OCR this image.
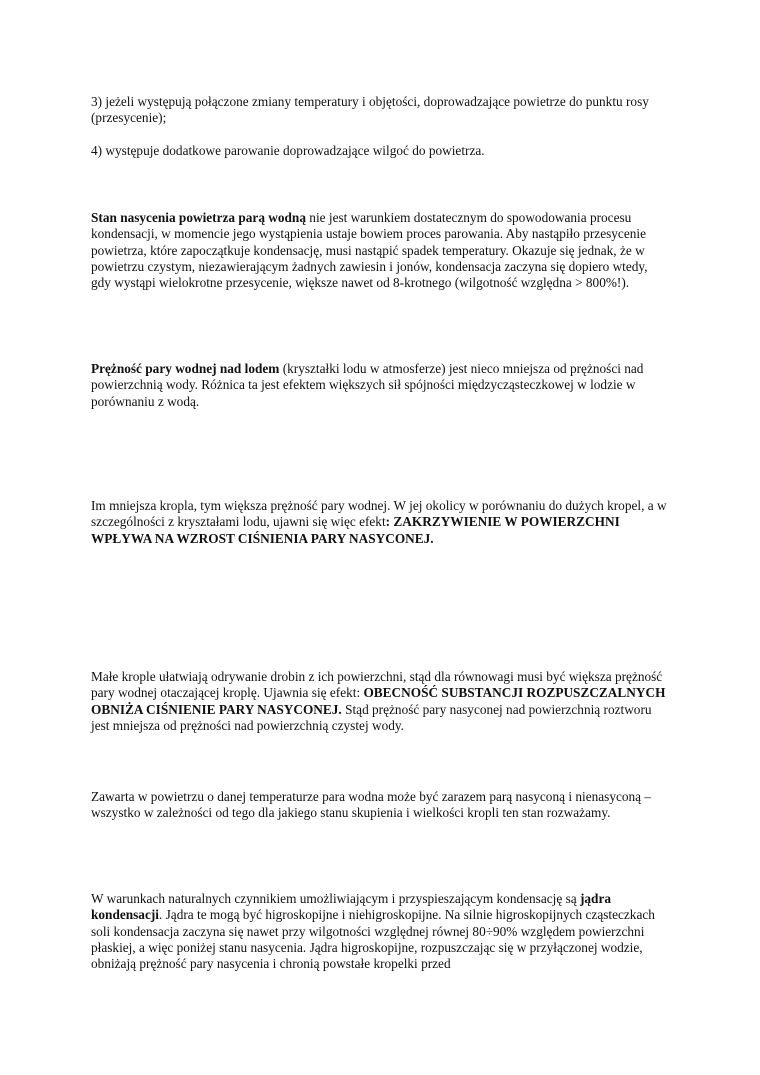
3) jeżeli występują połączone zmiany temperatury i objętości, doprowadzające powietrze do punktu rosy (przesycenie);

4) występuje dodatkowe parowanie doprowadzające wilgoć do powietrza.

Stan nasycenia powietrza parą wodną nie jest warunkiem dostatecznym do spowodowania procesu kondensacji, w momencie jego wystąpienia ustaje bowiem proces parowania. Aby nastąpiło przesycenie powietrza, które zapoczątkuje kondensację, musi nastąpić spadek temperatury. Okazuje się jednak, że w powietrzu czystym, niezawierającym żadnych zawiesin i jonów, kondensacja zaczyna się dopiero wtedy, gdy wystąpi wielokrotne przesycenie, większe nawet od 8-krotnego (wilgotność względna > 800%!).

Prężność pary wodnej nad lodem (kryształki lodu w atmosferze) jest nieco mniejsza od prężności nad powierzchnią wody. Różnica ta jest efektem większych sił spójności międzycząsteczkowej w lodzie w porównaniu z wodą.

Im mniejsza kropla, tym większa prężność pary wodnej. W jej okolicy w porównaniu do dużych kropel, a w szczególności z kryształami lodu, ujawni się więc efekt: ZAKRZYWIENIE W POWIERZCHNI WPŁYWA NA WZROST CIŚNIENIA PARY NASYCONEJ.

Małe krople ułatwiają odrywanie drobin z ich powierzchni, stąd dla równowagi musi być większa prężność pary wodnej otaczającej kroplę. Ujawnia się efekt: OBECNOŚĆ SUBSTANCJI ROZPUSZCZALNYCH OBNIŻA CIŚNIENIE PARY NASYCONEJ. Stąd prężność pary nasyconej nad powierzchnią roztworu jest mniejsza od prężności nad powierzchnią czystej wody.

Zawarta w powietrzu o danej temperaturze para wodna może być zarazem parą nasyconą i nienasyconą – wszystko w zależności od tego dla jakiego stanu skupienia i wielkości kropli ten stan rozważamy.

W warunkach naturalnych czynnikiem umożliwiającym i przyspieszającym kondensację są jądra kondensacji. Jądra te mogą być higroskopijne i niehigroskopijne. Na silnie higroskopijnych cząsteczkach soli kondensacja zaczyna się nawet przy wilgotności względnej równej 80÷90% względem powierzchni płaskiej, a więc poniżej stanu nasycenia. Jądra higroskopijne, rozpuszczając się w przyłączonej wodzie, obniżają prężność pary nasycenia i chronią powstałe kropelki przed
